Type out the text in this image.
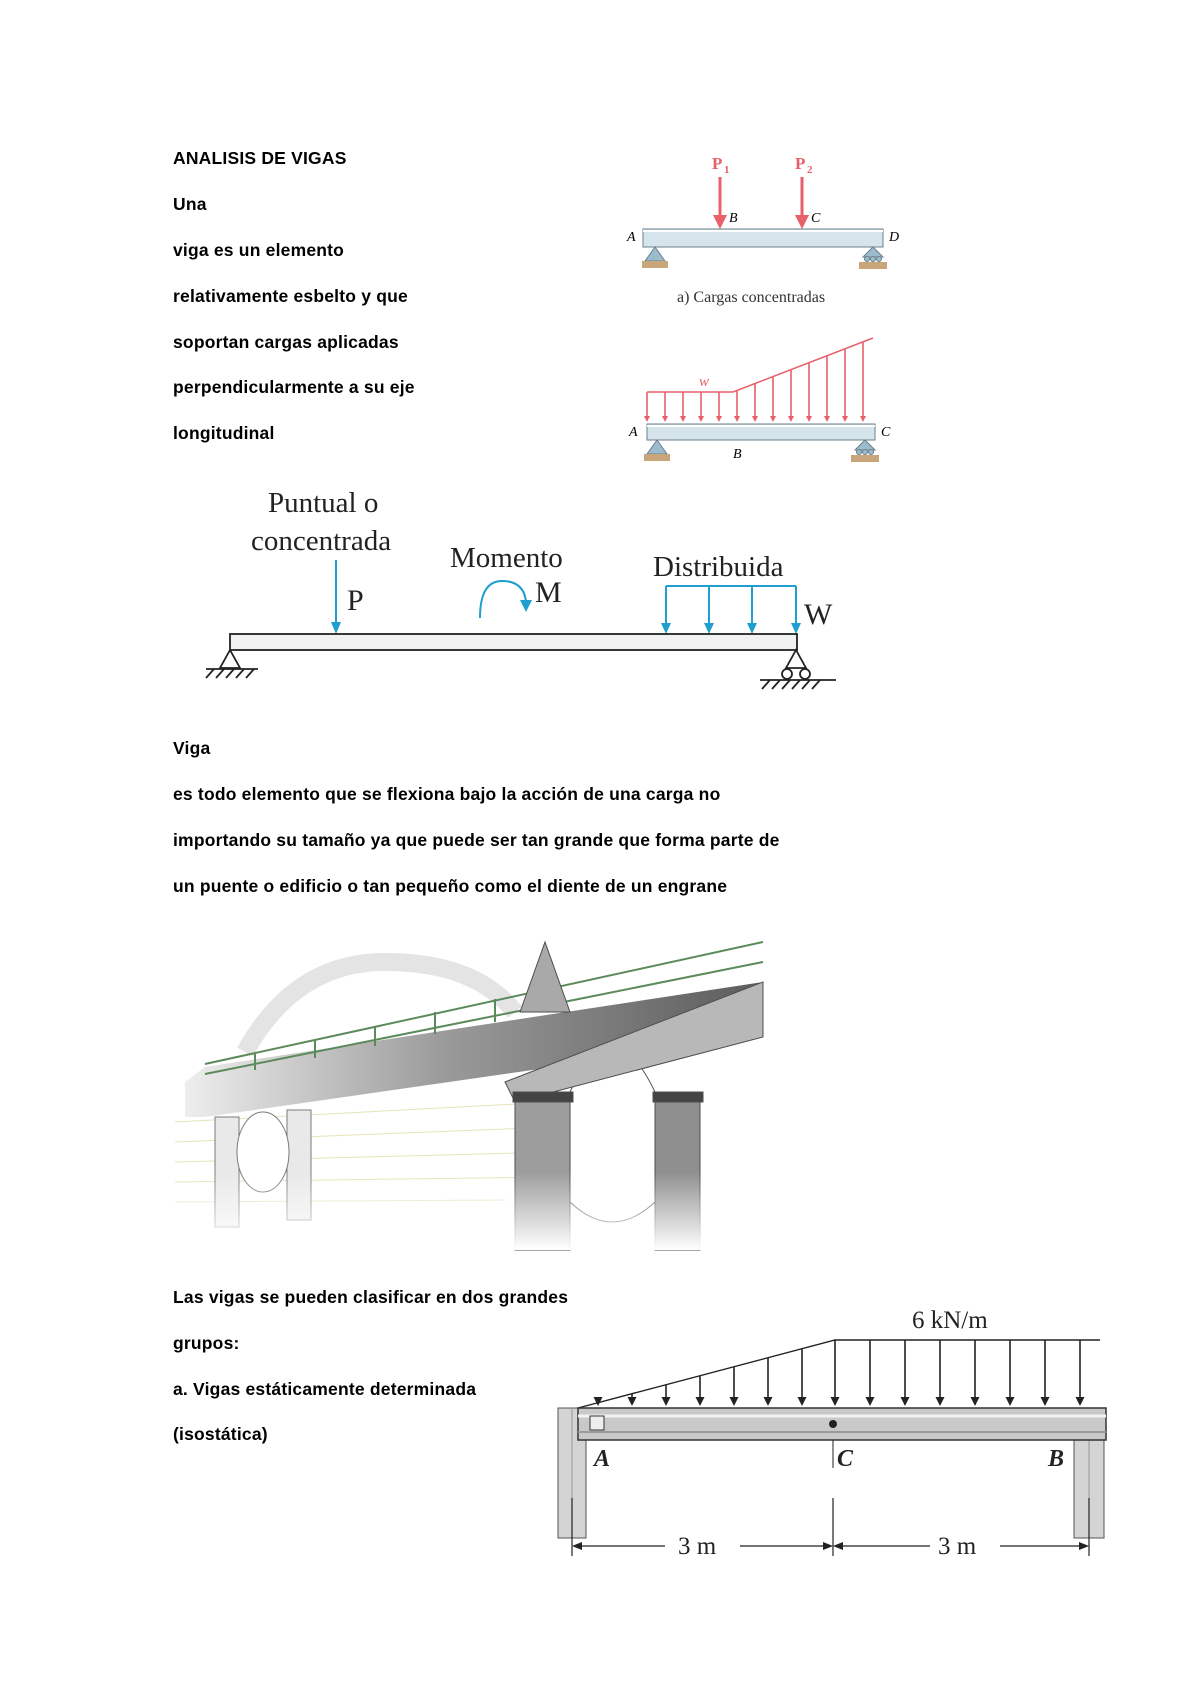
ANALISIS DE VIGAS
Una
viga es un elemento
relativamente esbelto y que
soportan cargas aplicadas
perpendicularmente a su eje
longitudinal
Viga
es todo elemento que se flexiona bajo la acción de una carga no
importando su tamaño ya que puede ser tan grande que forma parte de
un puente o edificio o tan pequeño como el diente de un engrane
Las vigas se pueden clasificar en dos grandes
grupos:
a. Vigas estáticamente determinada
(isostática)
P 1	P 2
A
B	C
D
a) Cargas concentradas
w
A
B
C
Puntual o
concentrada
Momento	Distribuida
P	M
W
6 kN/m
A	C	B
3 m	3 m
